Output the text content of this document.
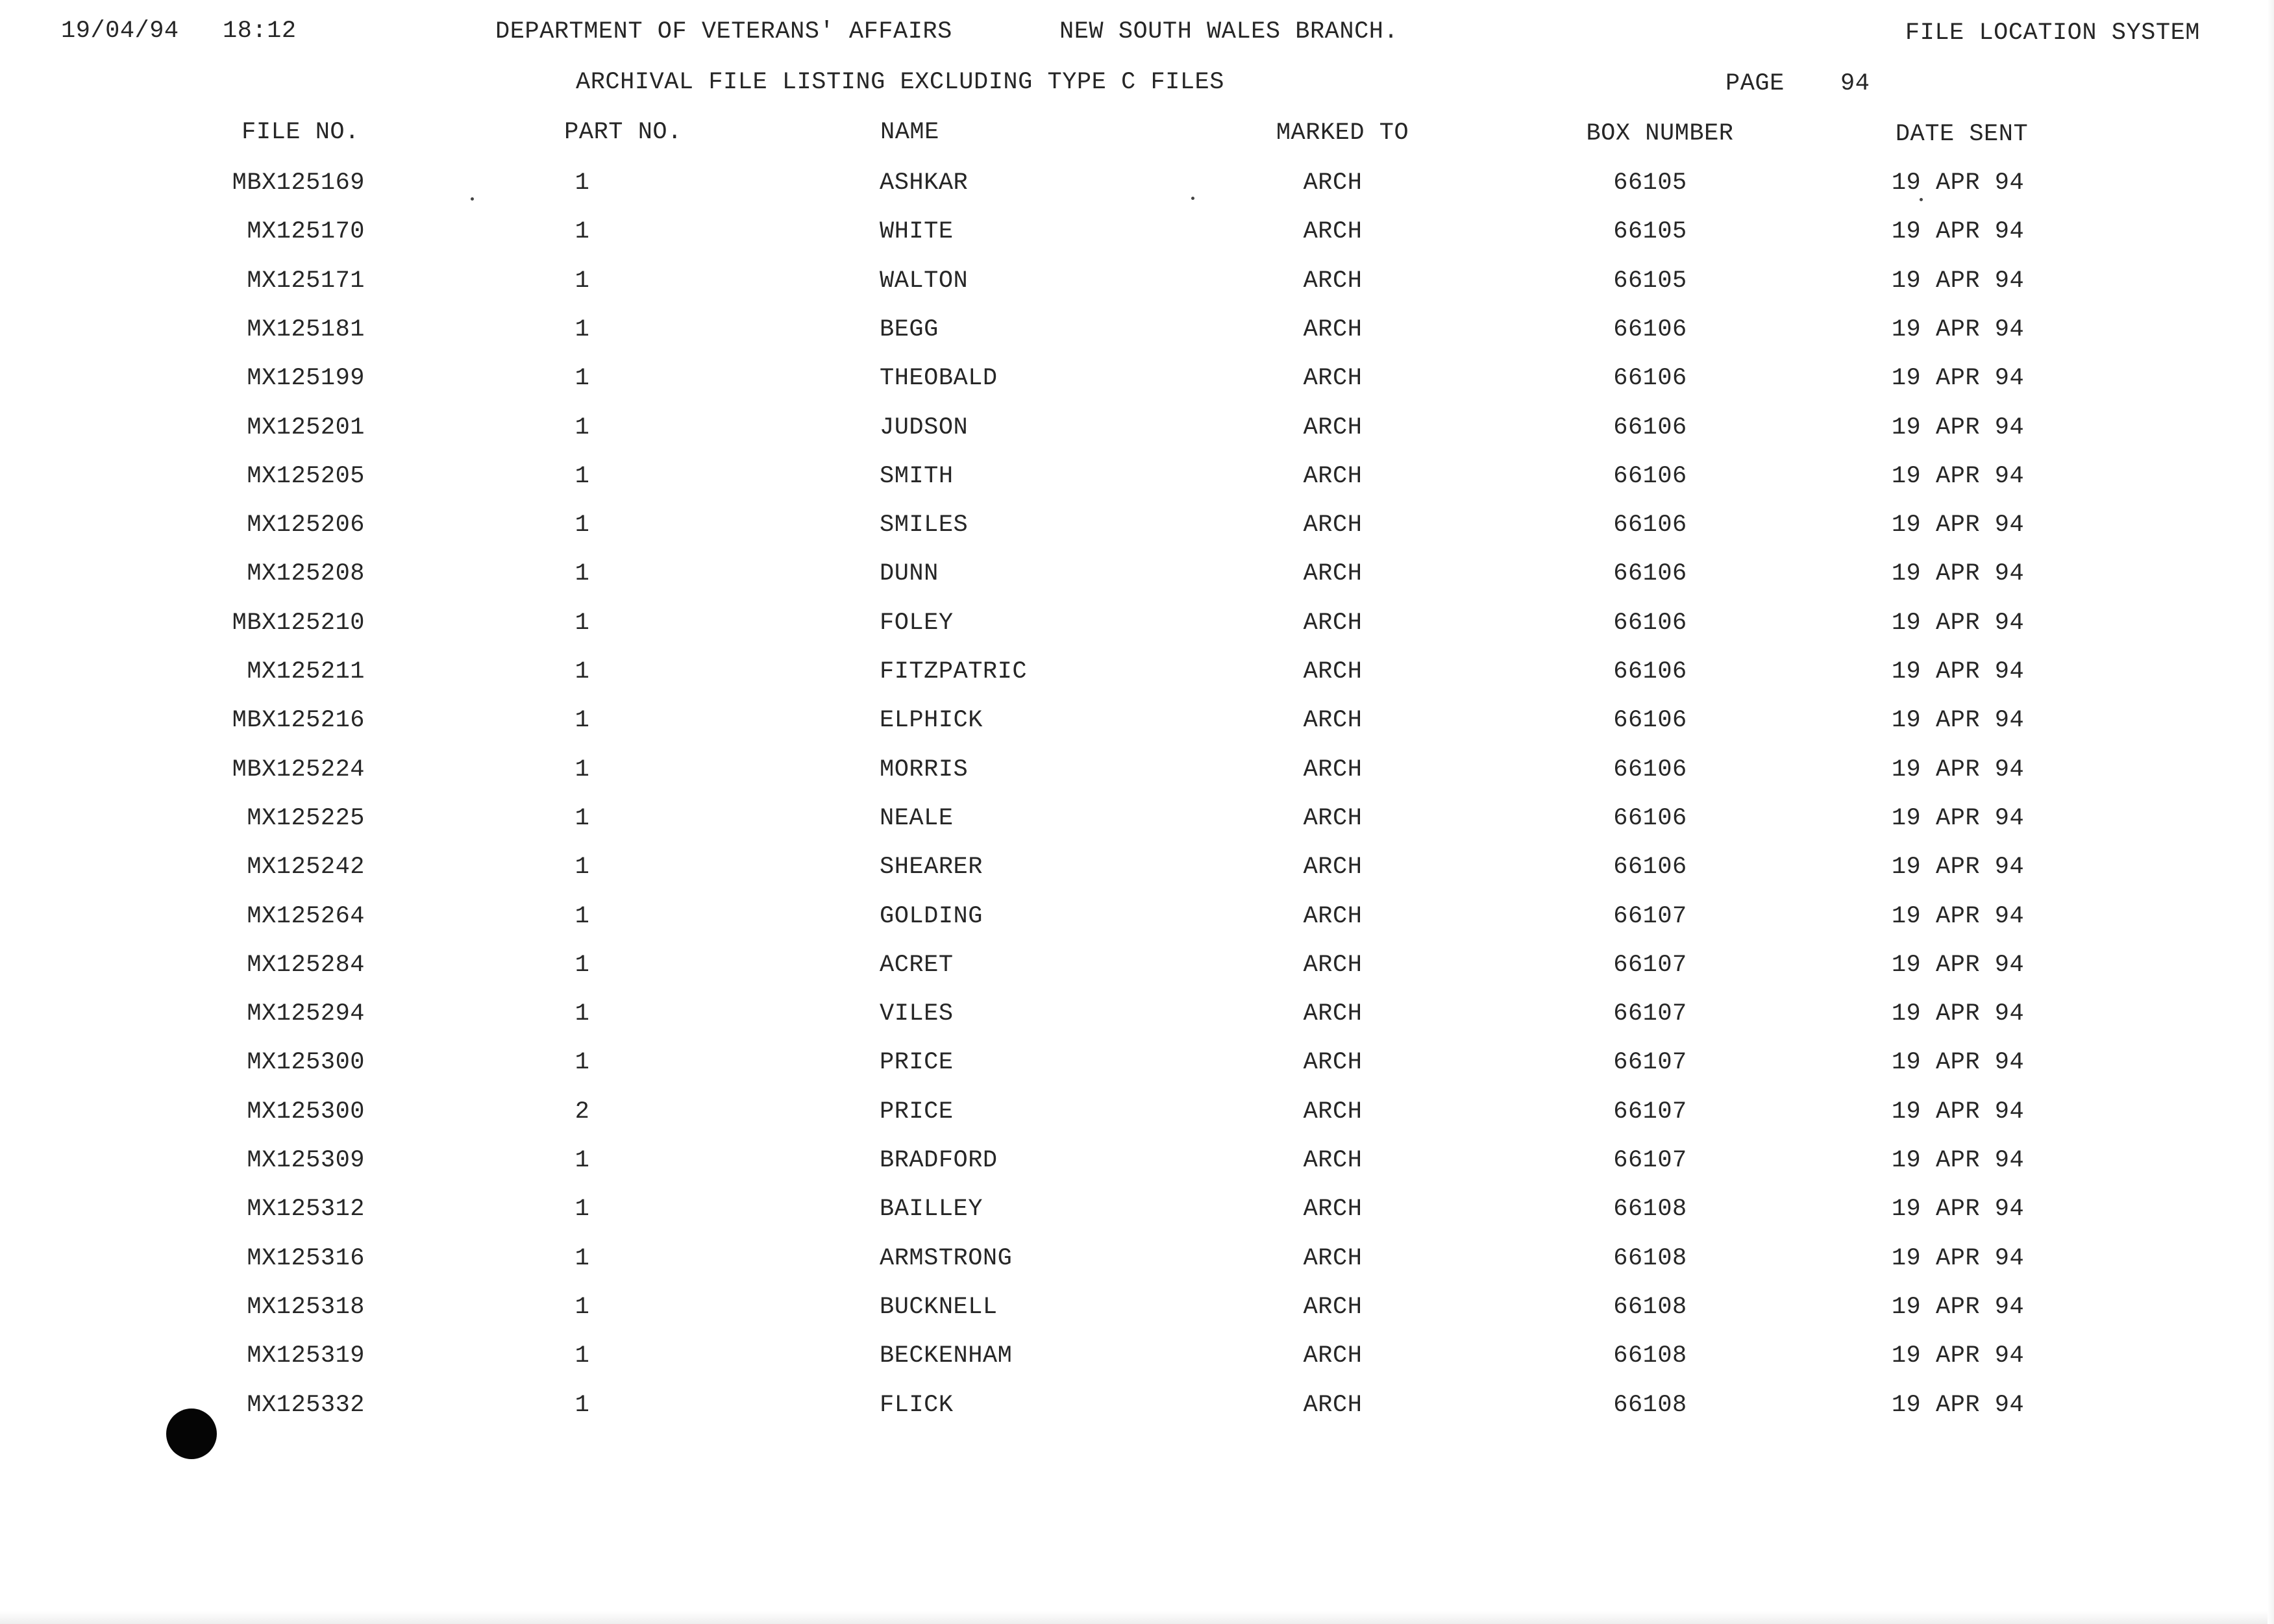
19/04/94 18:12	DEPARTMENT OF VETERANS' AFFAIRS	NEW SOUTH WALES BRANCH.	FILE LOCATION SYSTEM
ARCHIVAL FILE LISTING EXCLUDING TYPE C FILES	PAGE 94
FILE NO.	PART NO.	NAME	MARKED TO	BOX NUMBER	DATE SENT
MBX125169	1	ASHKAR	ARCH	66105	19 APR 94
MX125170	1	WHITE	ARCH	66105	19 APR 94
MX125171	1	WALTON	ARCH	66105	19 APR 94
MX125181	1	BEGG	ARCH	66106	19 APR 94
MX125199	1	THEOBALD	ARCH	66106	19 APR 94
MX125201	1	JUDSON	ARCH	66106	19 APR 94
MX125205	1	SMITH	ARCH	66106	19 APR 94
MX125206	1	SMILES	ARCH	66106	19 APR 94
MX125208	1	DUNN	ARCH	66106	19 APR 94
MBX125210	1	FOLEY	ARCH	66106	19 APR 94
MX125211	1	FITZPATRIC	ARCH	66106	19 APR 94
MBX125216	1	ELPHICK	ARCH	66106	19 APR 94
MBX125224	1	MORRIS	ARCH	66106	19 APR 94
MX125225	1	NEALE	ARCH	66106	19 APR 94
MX125242	1	SHEARER	ARCH	66106	19 APR 94
MX125264	1	GOLDING	ARCH	66107	19 APR 94
MX125284	1	ACRET	ARCH	66107	19 APR 94
MX125294	1	VILES	ARCH	66107	19 APR 94
MX125300	1	PRICE	ARCH	66107	19 APR 94
MX125300	2	PRICE	ARCH	66107	19 APR 94
MX125309	1	BRADFORD	ARCH	66107	19 APR 94
MX125312	1	BAILLEY	ARCH	66108	19 APR 94
MX125316	1	ARMSTRONG	ARCH	66108	19 APR 94
MX125318	1	BUCKNELL	ARCH	66108	19 APR 94
MX125319	1	BECKENHAM	ARCH	66108	19 APR 94
MX125332	1	FLICK	ARCH	66108	19 APR 94
